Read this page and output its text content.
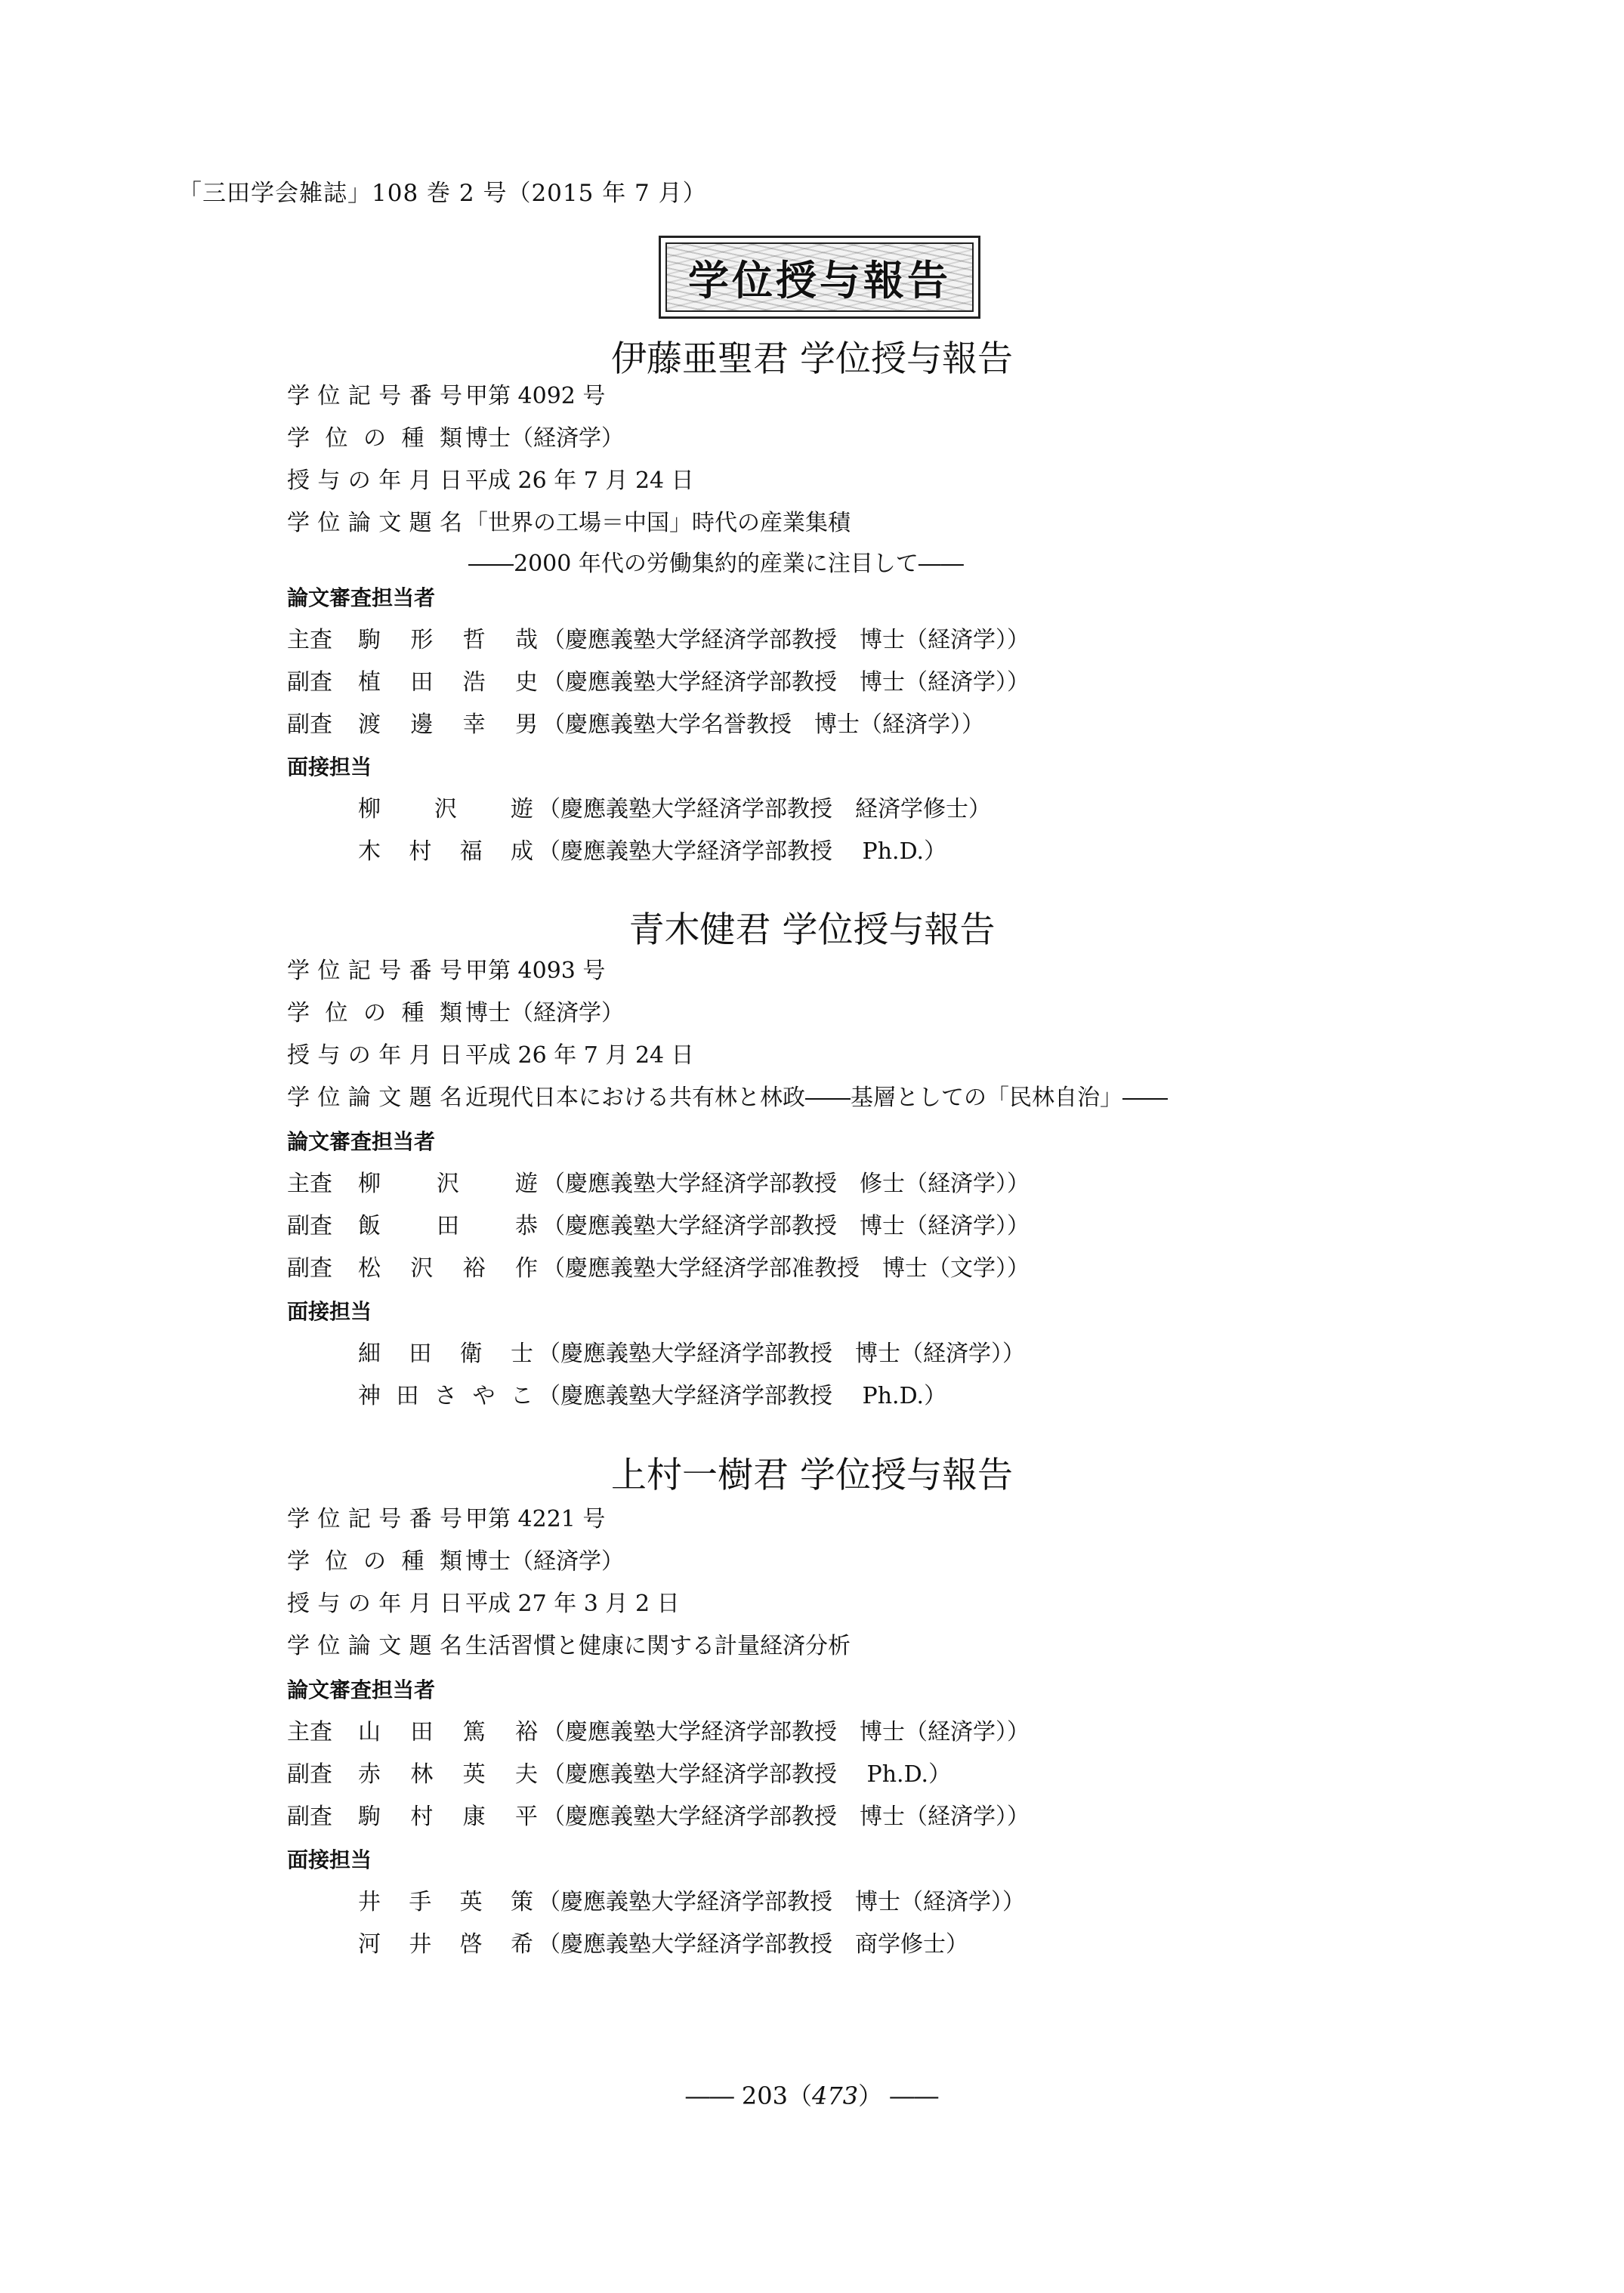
「三田学会雑誌」108 巻 2 号（2015 年 7 月）
学位授与報告
伊藤亜聖君 学位授与報告
学位記号番号 甲第 4092 号
学位の種類 博士（経済学）
授与の年月日 平成 26 年 7 月 24 日
学位論文題名 「世界の工場＝中国」時代の産業集積
――2000 年代の労働集約的産業に注目して――
論文審査担当者
主査	駒形哲哉 （慶應義塾大学経済学部教授　博士（経済学））
副査	植田浩史 （慶應義塾大学経済学部教授　博士（経済学））
副査	渡邊幸男 （慶應義塾大学名誉教授　博士（経済学））
面接担当
柳沢遊 （慶應義塾大学経済学部教授　経済学修士）
木村福成 （慶應義塾大学経済学部教授　 Ph.D.）
青木健君 学位授与報告
学位記号番号 甲第 4093 号
学位の種類 博士（経済学）
授与の年月日 平成 26 年 7 月 24 日
学位論文題名 近現代日本における共有林と林政――基層としての「民林自治」――
論文審査担当者
主査	柳沢遊 （慶應義塾大学経済学部教授　修士（経済学））
副査	飯田恭 （慶應義塾大学経済学部教授　博士（経済学））
副査	松沢裕作 （慶應義塾大学経済学部准教授　博士（文学））
面接担当
細田衛士 （慶應義塾大学経済学部教授　博士（経済学））
神田さやこ （慶應義塾大学経済学部教授　 Ph.D.）
上村一樹君 学位授与報告
学位記号番号 甲第 4221 号
学位の種類 博士（経済学）
授与の年月日 平成 27 年 3 月 2 日
学位論文題名 生活習慣と健康に関する計量経済分析
論文審査担当者
主査	山田篤裕 （慶應義塾大学経済学部教授　博士（経済学））
副査	赤林英夫 （慶應義塾大学経済学部教授　 Ph.D.）
副査	駒村康平 （慶應義塾大学経済学部教授　博士（経済学））
面接担当
井手英策 （慶應義塾大学経済学部教授　博士（経済学））
河井啓希 （慶應義塾大学経済学部教授　商学修士）
―― 203（473） ――
